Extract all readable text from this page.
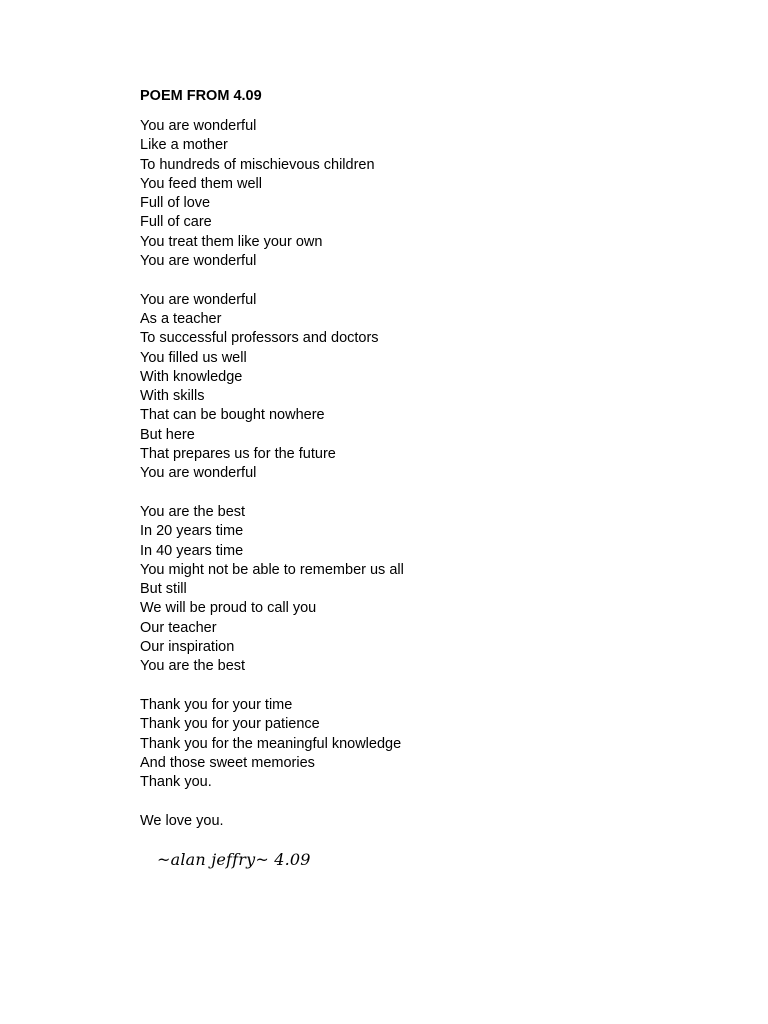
POEM FROM 4.09
You are wonderful
Like a mother
To hundreds of mischievous children
You feed them well
Full of love
Full of care
You treat them like your own
You are wonderful
You are wonderful
As a teacher
To successful professors and doctors
You filled us well
With knowledge
With skills
That can be bought nowhere
But here
That prepares us for the future
You are wonderful
You are the best
In 20 years time
In 40 years time
You might not be able to remember us all
But still
We will be proud to call you
Our teacher
Our inspiration
You are the best
Thank you for your time
Thank you for your patience
Thank you for the meaningful knowledge
And those sweet memories
Thank you.
We love you.
~alan jeffry~ 4.09
